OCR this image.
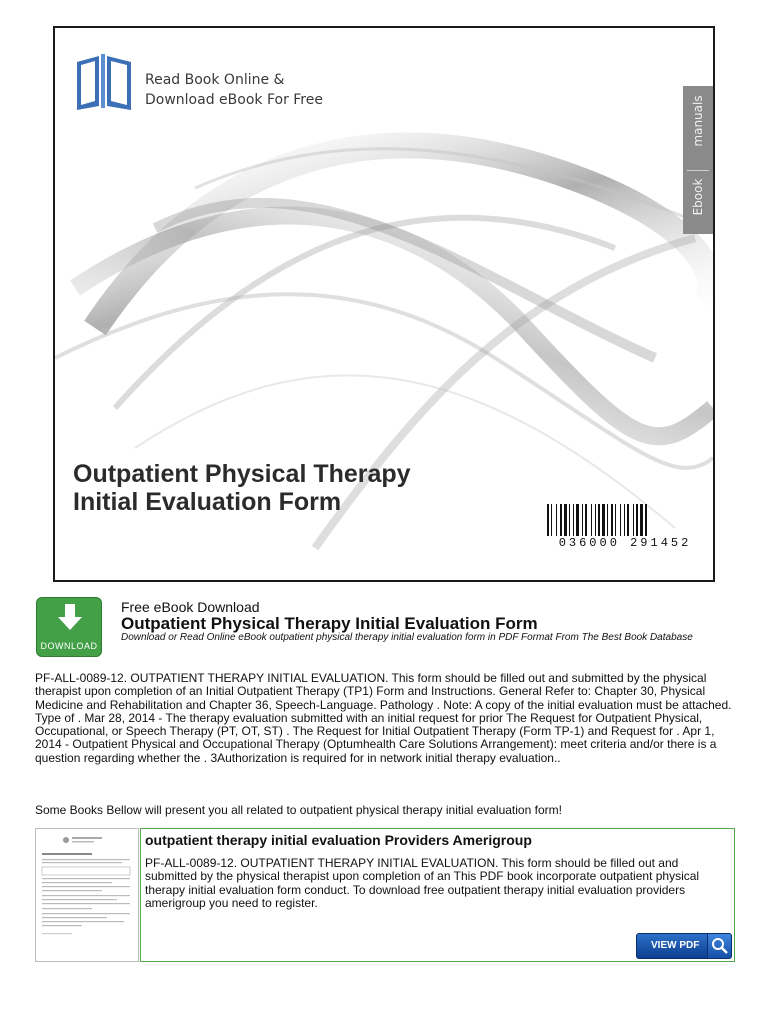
Read Book Online &
Download eBook For Free	manuals
Ebook
Outpatient Physical Therapy Initial Evaluation Form
036000 291452
DOWNLOAD
Free eBook Download
Outpatient Physical Therapy Initial Evaluation Form
Download or Read Online eBook outpatient physical therapy initial evaluation form in PDF Format From The Best Book Database
PF-ALL-0089-12. OUTPATIENT THERAPY INITIAL EVALUATION. This form should be filled out and submitted by the physical therapist upon completion of an Initial Outpatient Therapy (TP1) Form and Instructions. General Refer to: Chapter 30, Physical Medicine and Rehabilitation and Chapter 36, Speech-Language. Pathology . Note: A copy of the initial evaluation must be attached. Type of . Mar 28, 2014 - The therapy evaluation submitted with an initial request for prior The Request for Outpatient Physical, Occupational, or Speech Therapy (PT, OT, ST) . The Request for Initial Outpatient Therapy (Form TP-1) and Request for . Apr 1, 2014 - Outpatient Physical and Occupational Therapy (Optumhealth Care Solutions Arrangement): meet criteria and/or there is a question regarding whether the . 3Authorization is required for in network initial therapy evaluation..
Some Books Bellow will present you all related to outpatient physical therapy initial evaluation form!
outpatient therapy initial evaluation Providers Amerigroup
PF-ALL-0089-12. OUTPATIENT THERAPY INITIAL EVALUATION. This form should be filled out and submitted by the physical therapist upon completion of an This PDF book incorporate outpatient physical therapy initial evaluation form conduct. To download free outpatient therapy initial evaluation providers amerigroup you need to register.
VIEW PDF
